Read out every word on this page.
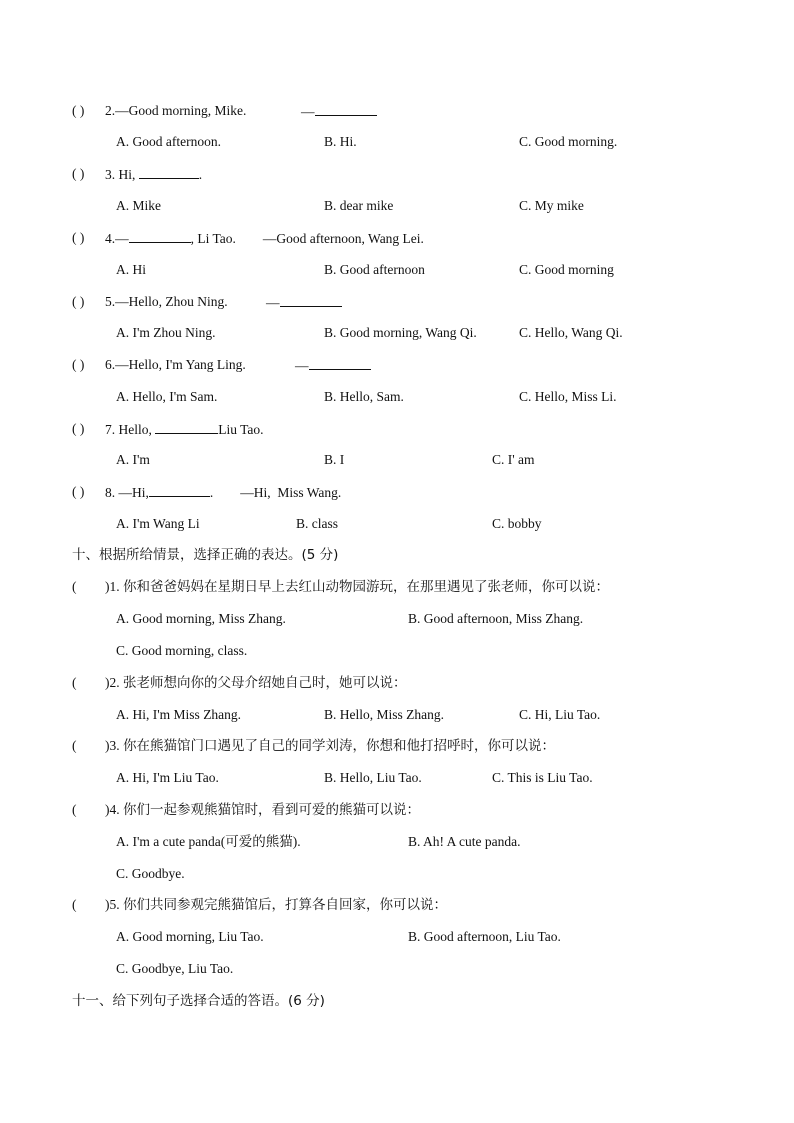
( ) 2.—Good morning, Mike.	—
A. Good afternoon.	B. Hi.	C. Good morning.
( ) 3. Hi,	.
A. Mike	B. dear mike	C. My mike
( ) 4.—	, Li Tao.        —Good afternoon, Wang Lei.
A. Hi	B. Good afternoon	C. Good morning
( ) 5.—Hello, Zhou Ning.	—
A. I'm Zhou Ning.	B. Good morning, Wang Qi.	C. Hello, Wang Qi.
( ) 6.—Hello, I'm Yang Ling.	—
A. Hello, I'm Sam.	B. Hello, Sam.	C. Hello, Miss Li.
( ) 7. Hello,	Liu Tao.
A. I'm	B. I	C. I' am
( ) 8. —Hi,	.        —Hi,  Miss Wang.
A. I'm Wang Li	B. class	C. bobby
十、根据所给情景，选择正确的表达。(5 分)
( )1. 你和爸爸妈妈在星期日早上去红山动物园游玩，在那里遇见了张老师，你可以说：
A. Good morning, Miss Zhang.	B. Good afternoon, Miss Zhang.
C. Good morning, class.
( )2. 张老师想向你的父母介绍她自己时，她可以说：
A. Hi, I'm Miss Zhang.	B. Hello, Miss Zhang.	C. Hi, Liu Tao.
( )3. 你在熊猫馆门口遇见了自己的同学刘涛，你想和他打招呼时，你可以说：
A. Hi, I'm Liu Tao.	B. Hello, Liu Tao.	C. This is Liu Tao.
( )4. 你们一起参观熊猫馆时，看到可爱的熊猫可以说：
A. I'm a cute panda(可爱的熊猫).	B. Ah! A cute panda.
C. Goodbye.
( )5. 你们共同参观完熊猫馆后，打算各自回家，你可以说：
A. Good morning, Liu Tao.	B. Good afternoon, Liu Tao.
C. Goodbye, Liu Tao.
十一、给下列句子选择合适的答语。(6 分)
